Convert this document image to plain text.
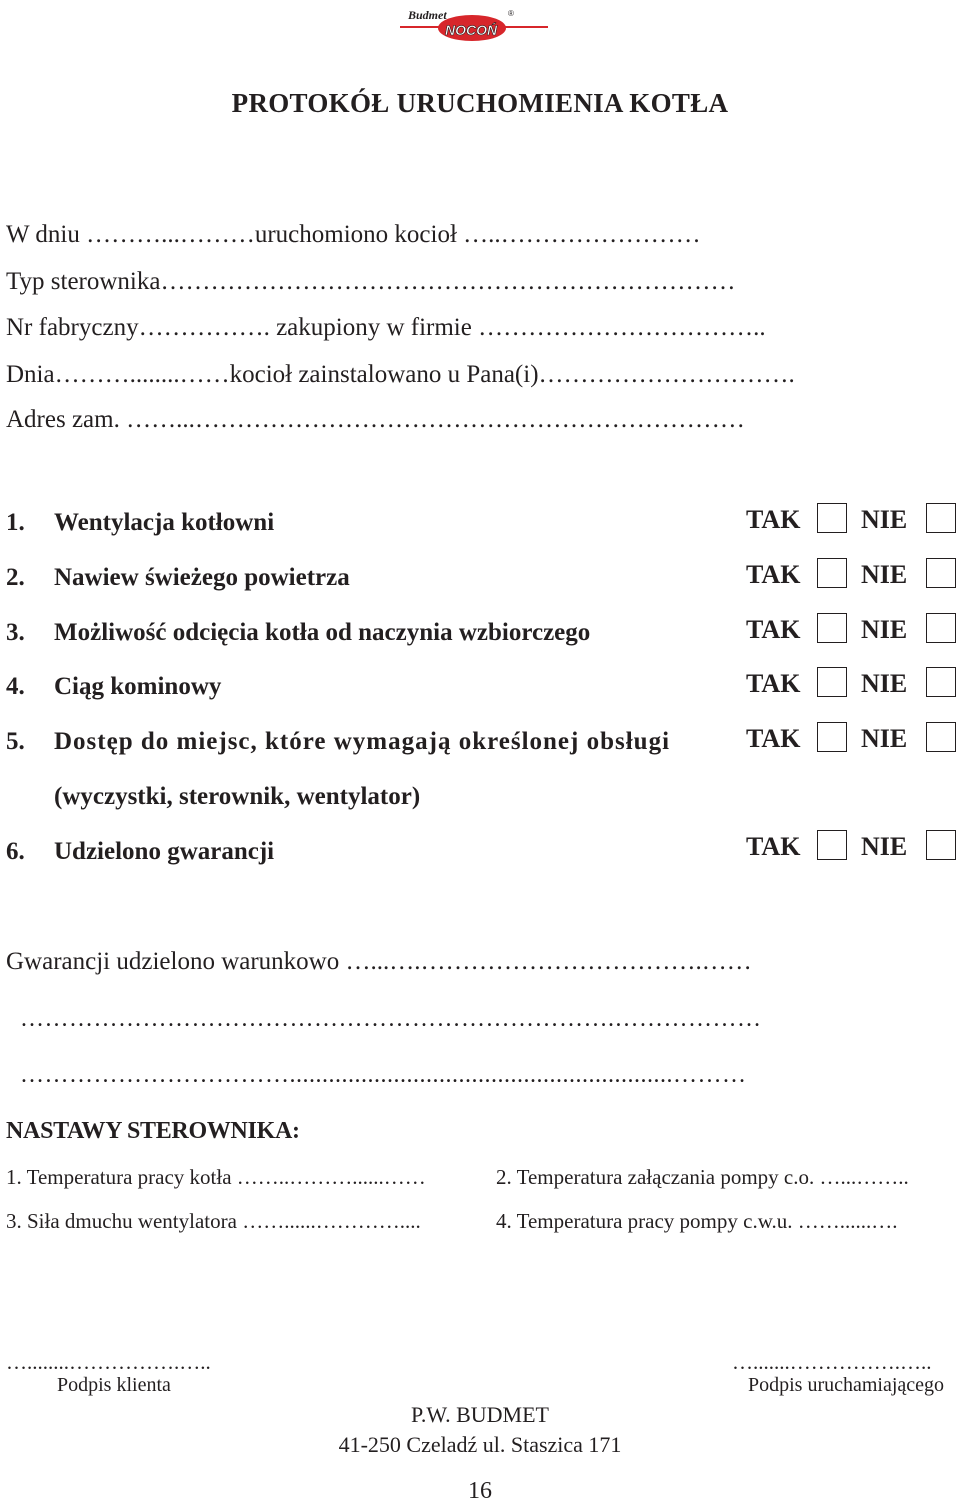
Budmet
NOCOŃ
®
PROTOKÓŁ URUCHOMIENIA KOTŁA
W dniu ………...………uruchomiono kocioł …..……………………
Typ sterownika……………………………………………………………
Nr fabryczny……………. zakupiony w firmie ……………………………..
Dnia………........……kocioł zainstalowano u Pana(i)………………………….
Adres zam. ……...…………………………………………………………
1. Wentylacja kotłowni	TAK NIE
2. Nawiew świeżego powietrza	TAK NIE
3. Możliwość odcięcia kotła od naczynia wzbiorczego	TAK NIE
4. Ciąg kominowy	TAK NIE
5. Dostęp do miejsc, które wymagają określonej obsługi	TAK NIE
(wyczystki, sterownik, wentylator)
6. Udzielono gwarancji	TAK NIE
Gwarancji udzielono warunkowo …...….…………………………….……
……………………………………………………………….………………
……………………………...........................................................………
NASTAWY STEROWNIKA:
1. Temperatura pracy kotła ……..………......……	2. Temperatura załączania pompy c.o. …...……..
3. Siła dmuchu wentylatora ……......…………....	4. Temperatura pracy pompy c.w.u. ……......….
…........…………….…..
Podpis klienta
….......…………….…..
Podpis uruchamiającego
P.W. BUDMET
41-250 Czeladź ul. Staszica 171
16
